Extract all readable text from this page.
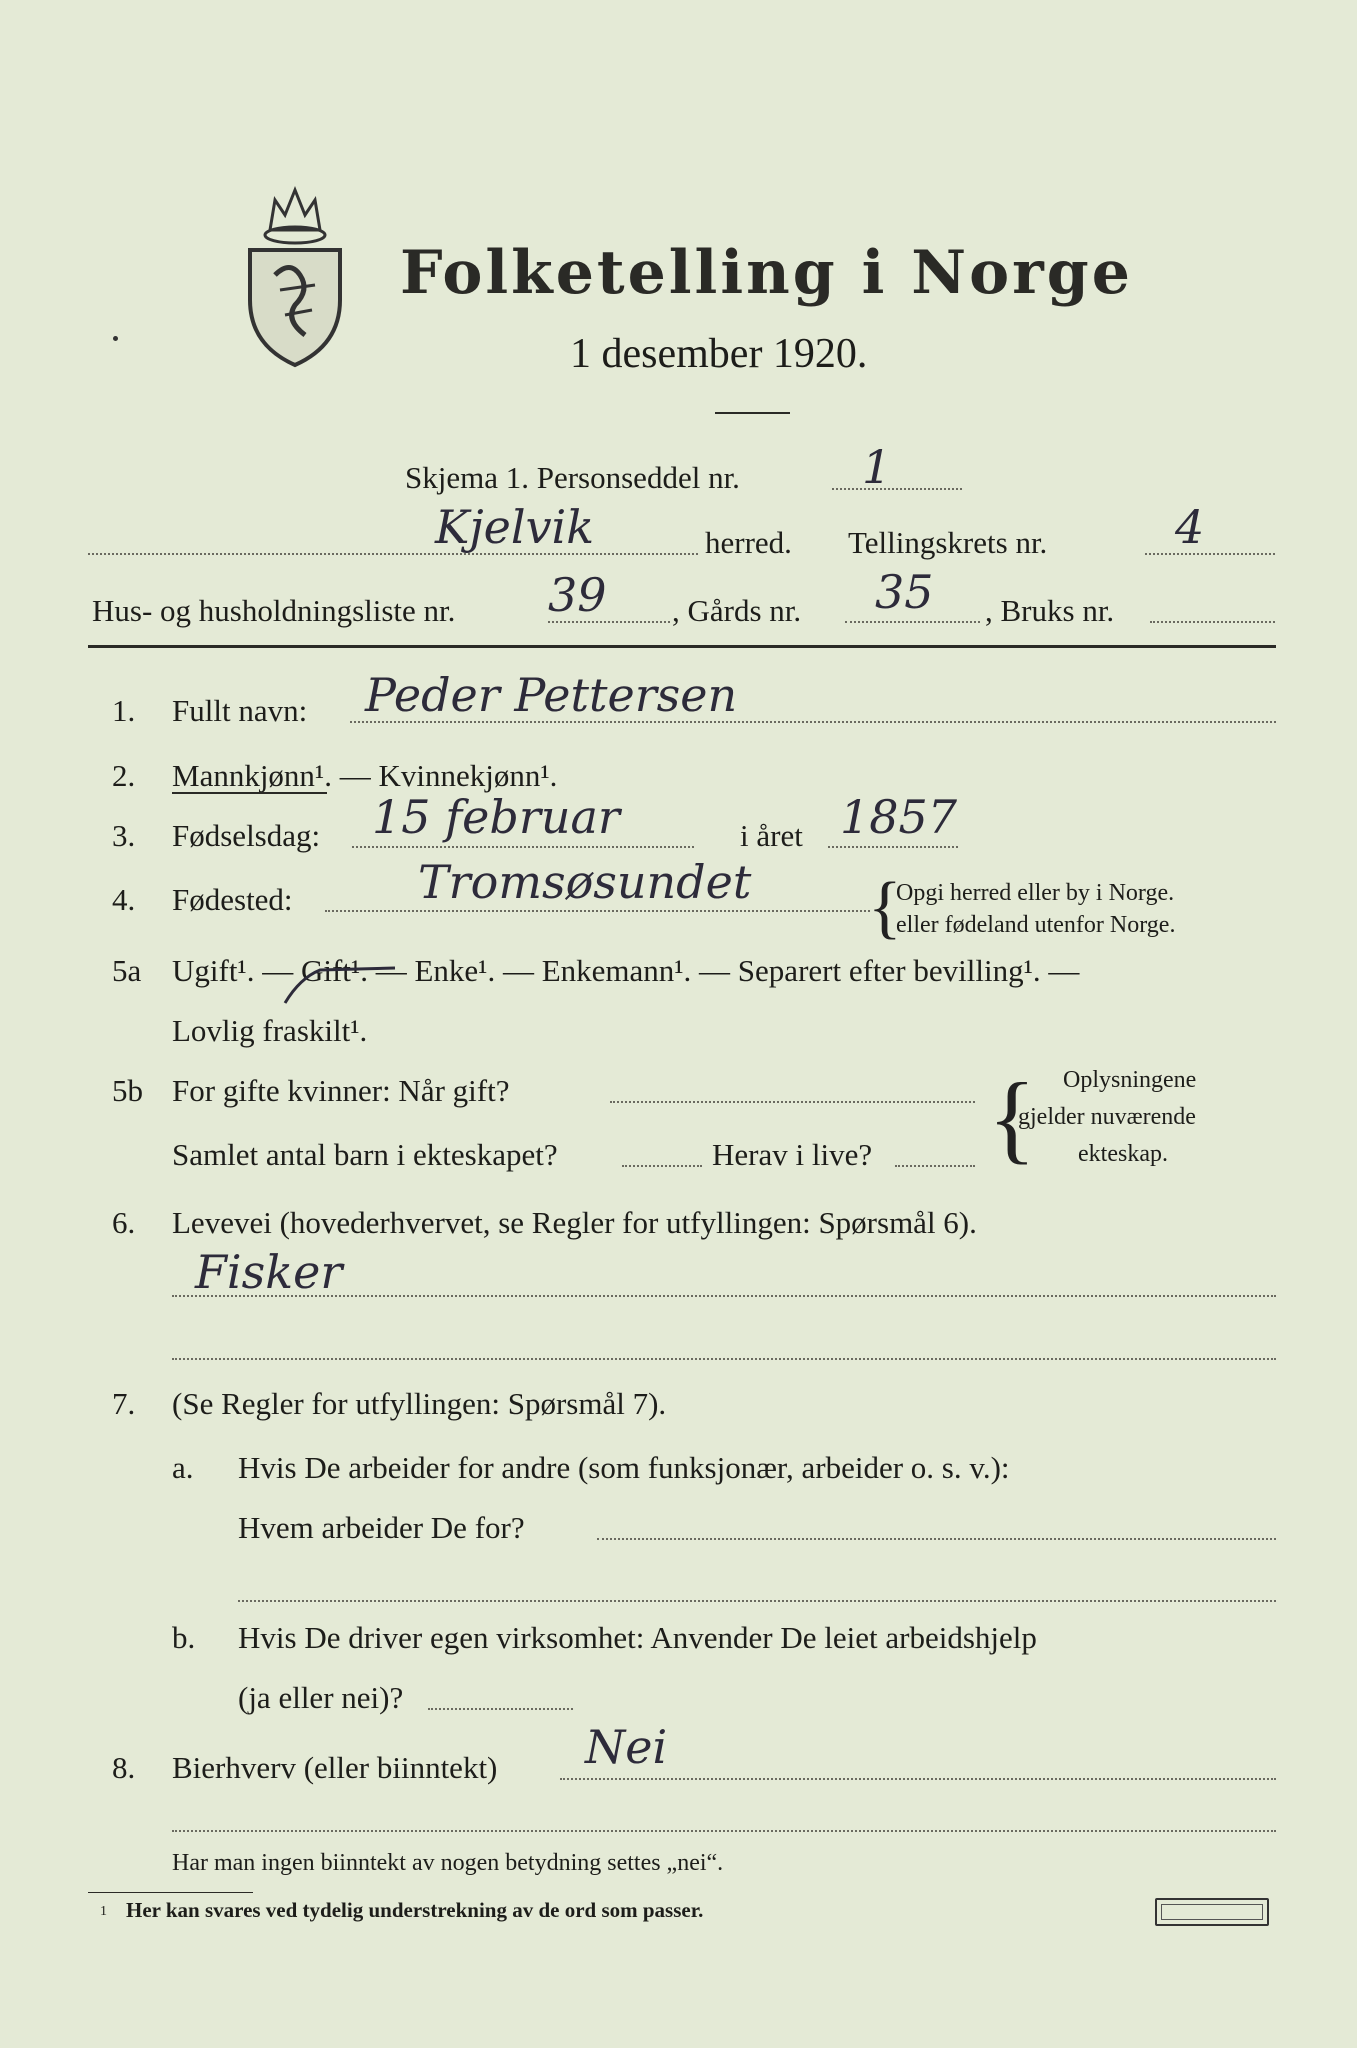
Folketelling i Norge
1 desember 1920.
Skjema 1. Personseddel nr.	1
Kjelvik	herred. Tellingskrets nr.	4
Hus- og husholdningsliste nr. 39 , Gårds nr. 35 , Bruks nr.
1. Fullt navn: Peder Pettersen
2. Mannkjønn¹. — Kvinnekjønn¹.
3. Fødselsdag: 15 februar	i året 1857
4. Fødested:	Tromsøsundet {
Opgi herred eller by i Norge.
eller fødeland utenfor Norge.
5a Ugift¹. — Gift¹. — Enke¹. — Enkemann¹. — Separert efter bevilling¹. —
Lovlig fraskilt¹.
5b For gifte kvinner: Når gift?
Samlet antal barn i ekteskapet?	Herav i live? { Oplysningene
gjelder nuværende
ekteskap.
6. Levevei (hovederhvervet, se Regler for utfyllingen: Spørsmål 6).
Fisker
7. (Se Regler for utfyllingen: Spørsmål 7).
a. Hvis De arbeider for andre (som funksjonær, arbeider o. s. v.):
Hvem arbeider De for?
b. Hvis De driver egen virksomhet: Anvender De leiet arbeidshjelp
(ja eller nei)?
8. Bierhverv (eller biinntekt) Nei
Har man ingen biinntekt av nogen betydning settes „nei“.
1 Her kan svares ved tydelig understrekning av de ord som passer.
